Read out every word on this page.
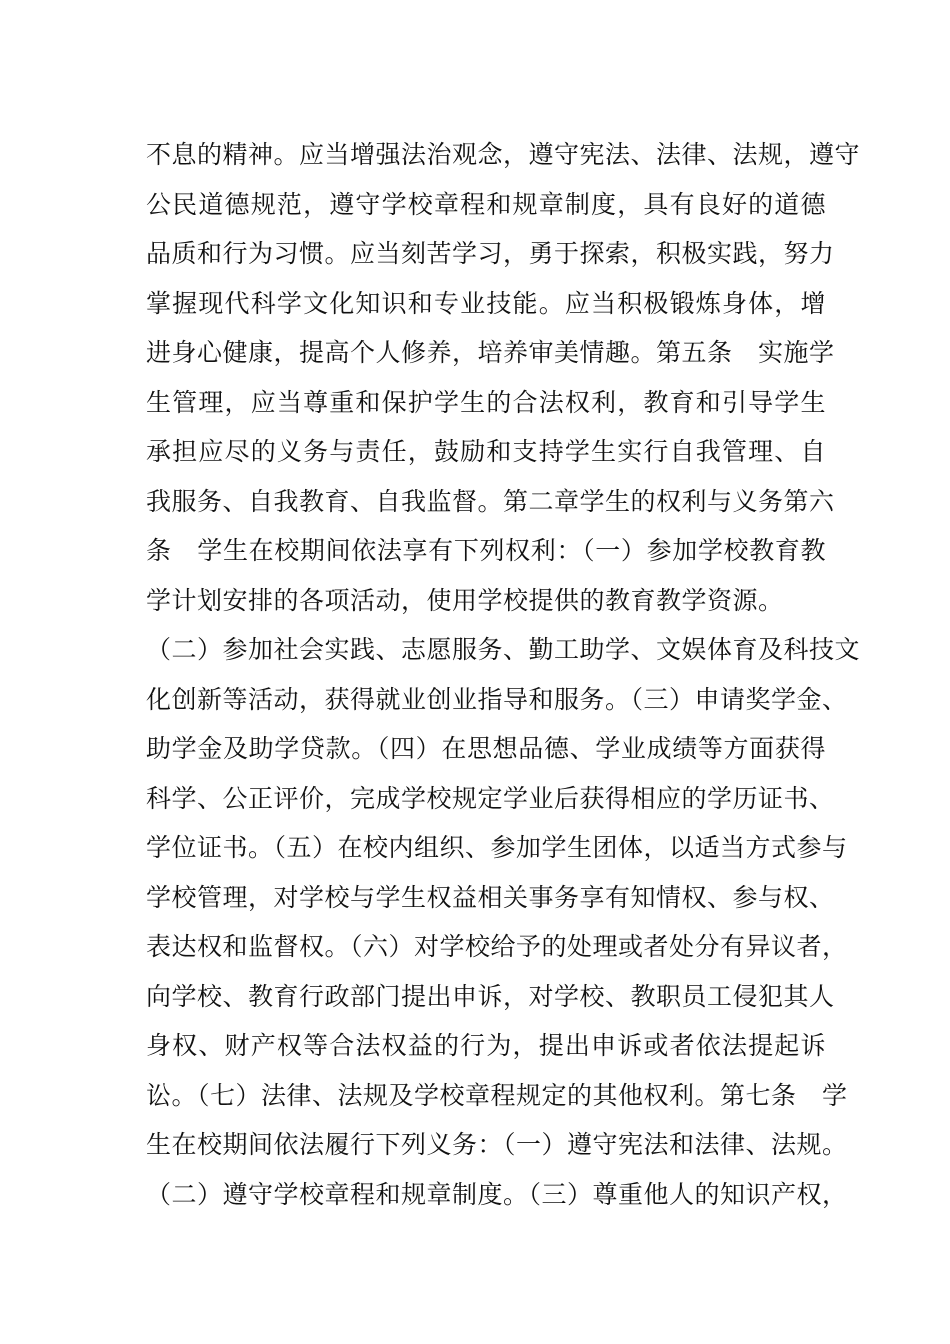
不息的精神。应当增强法治观念，遵守宪法、法律、法规，遵守
公民道德规范，遵守学校章程和规章制度，具有良好的道德
品质和行为习惯。应当刻苦学习，勇于探索，积极实践，努力
掌握现代科学文化知识和专业技能。应当积极锻炼身体，增
进身心健康，提高个人修养，培养审美情趣。第五条　实施学
生管理，应当尊重和保护学生的合法权利，教育和引导学生
承担应尽的义务与责任，鼓励和支持学生实行自我管理、自
我服务、自我教育、自我监督。第二章学生的权利与义务第六
条　学生在校期间依法享有下列权利：（一）参加学校教育教
学计划安排的各项活动，使用学校提供的教育教学资源。
（二）参加社会实践、志愿服务、勤工助学、文娱体育及科技文
化创新等活动，获得就业创业指导和服务。（三）申请奖学金、
助学金及助学贷款。（四）在思想品德、学业成绩等方面获得
科学、公正评价，完成学校规定学业后获得相应的学历证书、
学位证书。（五）在校内组织、参加学生团体，以适当方式参与
学校管理，对学校与学生权益相关事务享有知情权、参与权、
表达权和监督权。（六）对学校给予的处理或者处分有异议者，
向学校、教育行政部门提出申诉，对学校、教职员工侵犯其人
身权、财产权等合法权益的行为，提出申诉或者依法提起诉
讼。（七）法律、法规及学校章程规定的其他权利。第七条　学
生在校期间依法履行下列义务：（一）遵守宪法和法律、法规。
（二）遵守学校章程和规章制度。（三）尊重他人的知识产权，
